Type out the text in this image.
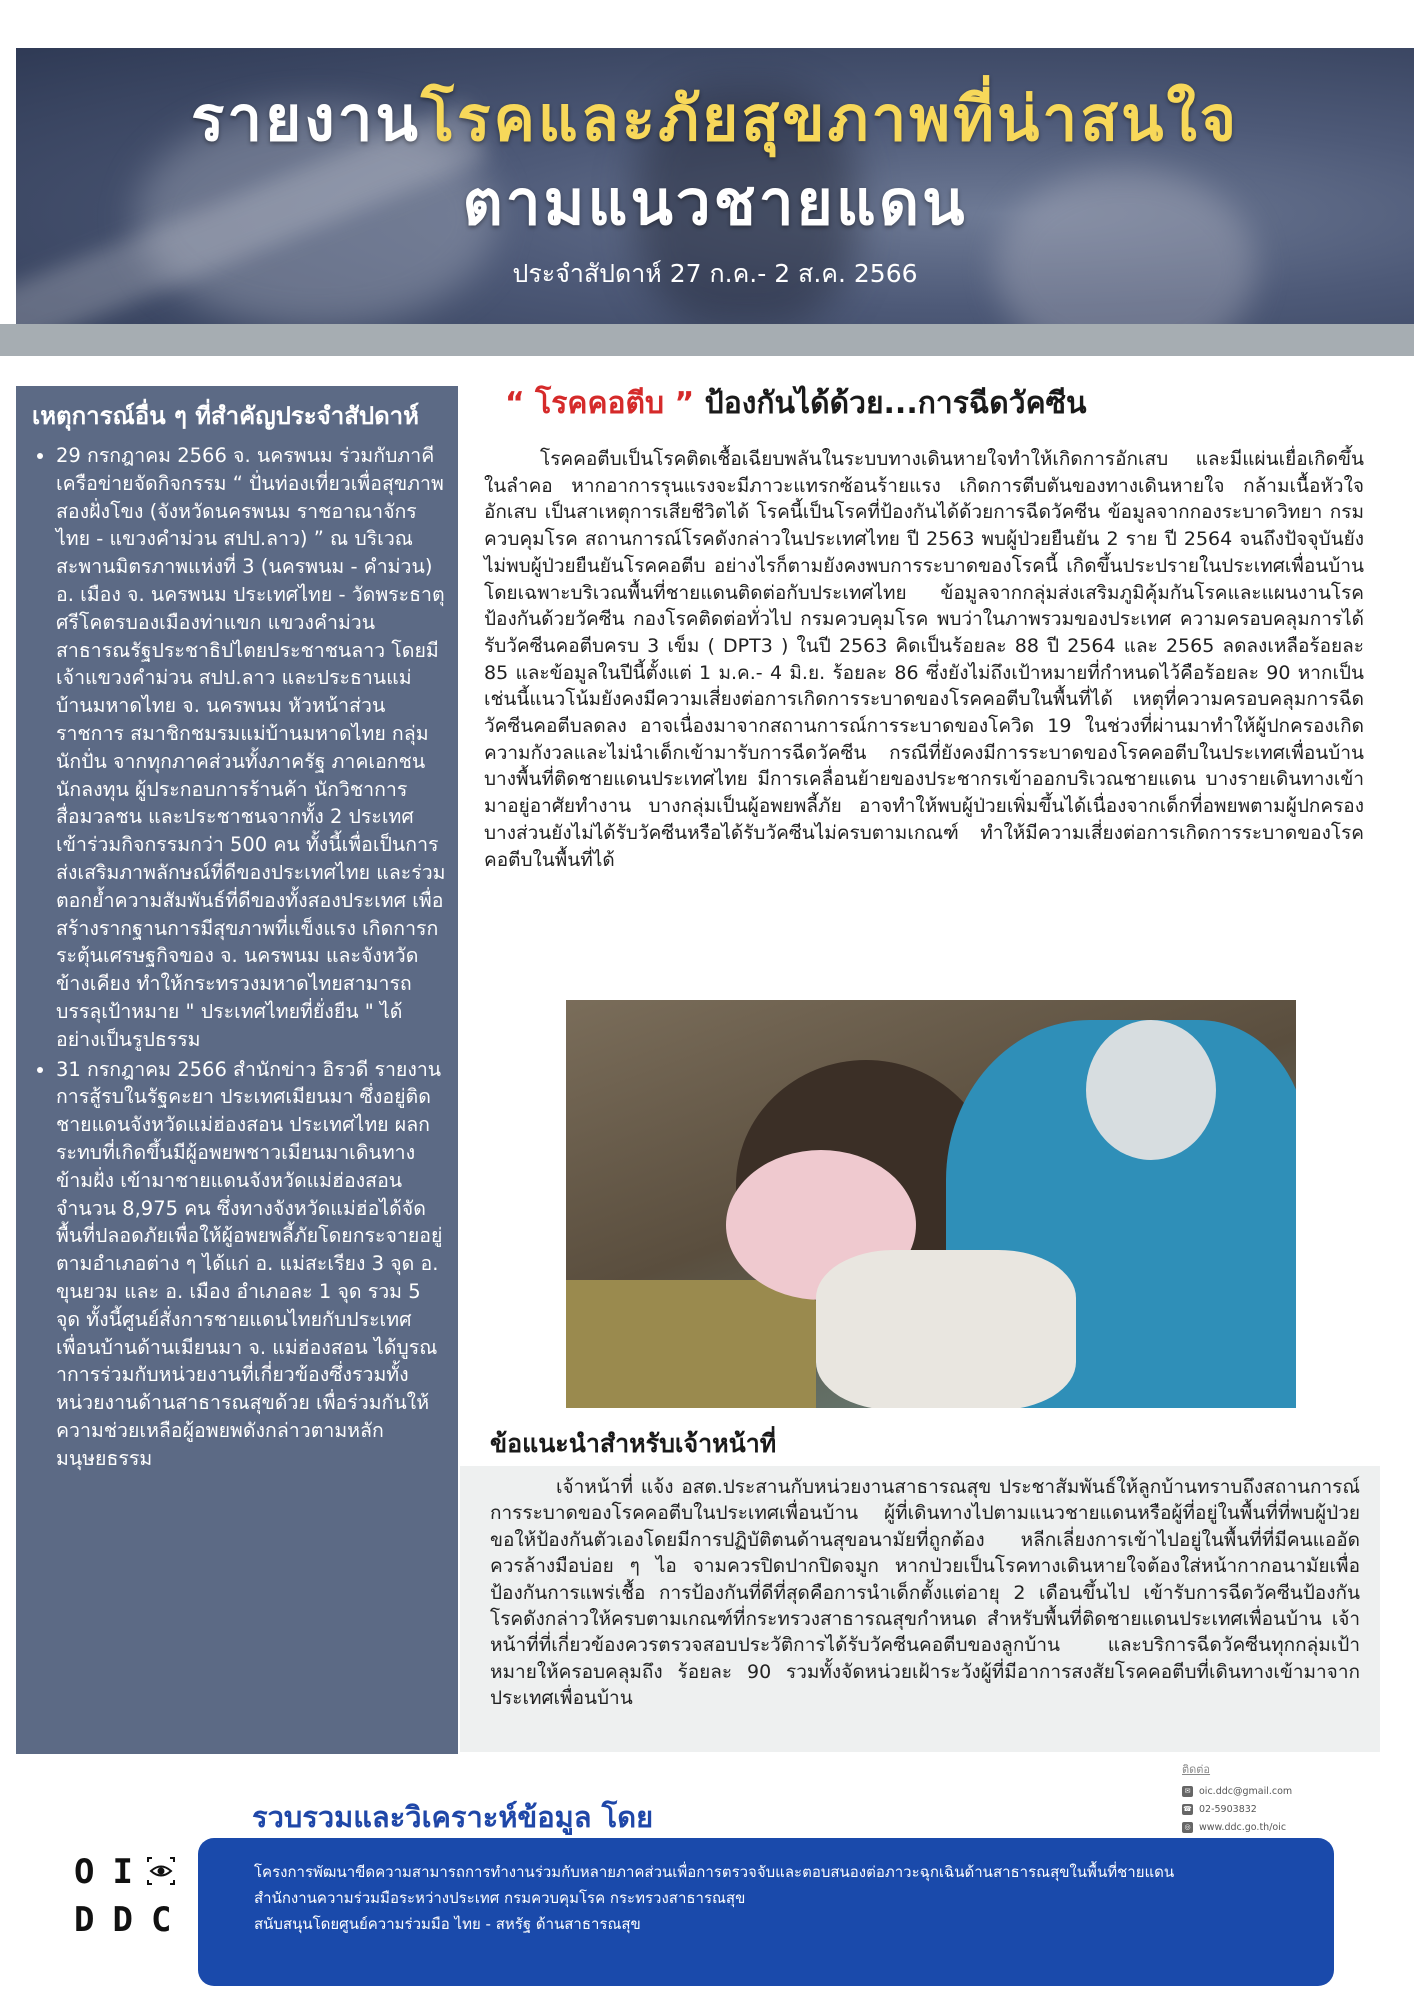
รายงานโรคและภัยสุขภาพที่น่าสนใจ
ตามแนวชายแดน
ประจำสัปดาห์ 27 ก.ค.- 2 ส.ค. 2566
เหตุการณ์อื่น ๆ ที่สำคัญประจำสัปดาห์
• 29 กรกฎาคม 2566 จ. นครพนม ร่วมกับภาคีเครือข่ายจัดกิจกรรม “ ปั่นท่องเที่ยวเพื่อสุขภาพสองฝั่งโขง (จังหวัดนครพนม ราชอาณาจักรไทย - แขวงคำม่วน สปป.ลาว) ” ณ บริเวณสะพานมิตรภาพแห่งที่ 3 (นครพนม - คำม่วน) อ. เมือง จ. นครพนม ประเทศไทย - วัดพระธาตุ ศรีโคตรบองเมืองท่าแขก แขวงคำม่วน สาธารณรัฐประชาธิปไตยประชาชนลาว โดยมีเจ้าแขวงคำม่วน สปป.ลาว และประธานแม่บ้านมหาดไทย จ. นครพนม หัวหน้าส่วนราชการ สมาชิกชมรมแม่บ้านมหาดไทย กลุ่มนักปั่น จากทุกภาคส่วนทั้งภาครัฐ ภาคเอกชน นักลงทุน ผู้ประกอบการร้านค้า นักวิชาการ สื่อมวลชน และประชาชนจากทั้ง 2 ประเทศ เข้าร่วมกิจกรรมกว่า 500 คน ทั้งนี้เพื่อเป็นการส่งเสริมภาพลักษณ์ที่ดีของประเทศไทย และร่วมตอกย้ำความสัมพันธ์ที่ดีของทั้งสองประเทศ เพื่อสร้างรากฐานการมีสุขภาพที่แข็งแรง เกิดการกระตุ้นเศรษฐกิจของ จ. นครพนม และจังหวัดข้างเคียง ทำให้กระทรวงมหาดไทยสามารถบรรลุเป้าหมาย " ประเทศไทยที่ยั่งยืน " ได้อย่างเป็นรูปธรรม
• 31 กรกฎาคม 2566 สำนักข่าว อิรวดี รายงานการสู้รบในรัฐคะยา ประเทศเมียนมา ซึ่งอยู่ติดชายแดนจังหวัดแม่ฮ่องสอน ประเทศไทย ผลกระทบที่เกิดขึ้นมีผู้อพยพชาวเมียนมาเดินทางข้ามฝั่ง เข้ามาชายแดนจังหวัดแม่ฮ่องสอน จำนวน 8,975 คน ซึ่งทางจังหวัดแม่ฮ่อได้จัดพื้นที่ปลอดภัยเพื่อให้ผู้อพยพลี้ภัยโดยกระจายอยู่ตามอำเภอต่าง ๆ ได้แก่ อ. แม่สะเรียง 3 จุด อ. ขุนยวม และ อ. เมือง อำเภอละ 1 จุด รวม 5 จุด ทั้งนี้ศูนย์สั่งการชายแดนไทยกับประเทศเพื่อนบ้านด้านเมียนมา จ. แม่ฮ่องสอน ได้บูรณาการร่วมกับหน่วยงานที่เกี่ยวข้องซึ่งรวมทั้งหน่วยงานด้านสาธารณสุขด้วย เพื่อร่วมกันให้ความช่วยเหลือผู้อพยพดังกล่าวตามหลักมนุษยธรรม
“ โรคคอตีบ ” ป้องกันได้ด้วย...การฉีดวัคซีน

โรคคอตีบเป็นโรคติดเชื้อเฉียบพลันในระบบทางเดินหายใจทำให้เกิดการอักเสบ และมีแผ่นเยื่อเกิดขึ้นในลำคอ หากอาการรุนแรงจะมีภาวะแทรกซ้อนร้ายแรง เกิดการตีบตันของทางเดินหายใจ กล้ามเนื้อหัวใจอักเสบ เป็นสาเหตุการเสียชีวิตได้ โรคนี้เป็นโรคที่ป้องกันได้ด้วยการฉีดวัคซีน ข้อมูลจากกองระบาดวิทยา กรมควบคุมโรค สถานการณ์โรคดังกล่าวในประเทศไทย ปี 2563 พบผู้ป่วยยืนยัน 2 ราย ปี 2564 จนถึงปัจจุบันยังไม่พบผู้ป่วยยืนยันโรคคอตีบ อย่างไรก็ตามยังคงพบการระบาดของโรคนี้ เกิดขึ้นประปรายในประเทศเพื่อนบ้าน โดยเฉพาะบริเวณพื้นที่ชายแดนติดต่อกับประเทศไทย ข้อมูลจากกลุ่มส่งเสริมภูมิคุ้มกันโรคและแผนงานโรคป้องกันด้วยวัคซีน กองโรคติดต่อทั่วไป กรมควบคุมโรค พบว่าในภาพรวมของประเทศ ความครอบคลุมการได้รับวัคซีนคอตีบครบ 3 เข็ม ( DPT3 ) ในปี 2563 คิดเป็นร้อยละ 88 ปี 2564 และ 2565 ลดลงเหลือร้อยละ 85 และข้อมูลในปีนี้ตั้งแต่ 1 ม.ค.- 4 มิ.ย. ร้อยละ 86 ซึ่งยังไม่ถึงเป้าหมายที่กำหนดไว้คือร้อยละ 90 หากเป็นเช่นนี้แนวโน้มยังคงมีความเสี่ยงต่อการเกิดการระบาดของโรคคอตีบในพื้นที่ได้ เหตุที่ความครอบคลุมการฉีดวัคซีนคอตีบลดลง อาจเนื่องมาจากสถานการณ์การระบาดของโควิด 19 ในช่วงที่ผ่านมาทำให้ผู้ปกครองเกิดความกังวลและไม่นำเด็กเข้ามารับการฉีดวัคซีน กรณีที่ยังคงมีการระบาดของโรคคอตีบในประเทศเพื่อนบ้านบางพื้นที่ติดชายแดนประเทศไทย มีการเคลื่อนย้ายของประชากรเข้าออกบริเวณชายแดน บางรายเดินทางเข้ามาอยู่อาศัยทำงาน บางกลุ่มเป็นผู้อพยพลี้ภัย อาจทำให้พบผู้ป่วยเพิ่มขึ้นได้เนื่องจากเด็กที่อพยพตามผู้ปกครองบางส่วนยังไม่ได้รับวัคซีนหรือได้รับวัคซีนไม่ครบตามเกณฑ์ ทำให้มีความเสี่ยงต่อการเกิดการระบาดของโรคคอตีบในพื้นที่ได้

ข้อแนะนำสำหรับเจ้าหน้าที่

เจ้าหน้าที่ แจ้ง อสต.ประสานกับหน่วยงานสาธารณสุข ประชาสัมพันธ์ให้ลูกบ้านทราบถึงสถานการณ์การระบาดของโรคคอตีบในประเทศเพื่อนบ้าน ผู้ที่เดินทางไปตามแนวชายแดนหรือผู้ที่อยู่ในพื้นที่ที่พบผู้ป่วย ขอให้ป้องกันตัวเองโดยมีการปฏิบัติตนด้านสุขอนามัยที่ถูกต้อง หลีกเลี่ยงการเข้าไปอยู่ในพื้นที่ที่มีคนแออัด ควรล้างมือบ่อย ๆ ไอ จามควรปิดปากปิดจมูก หากป่วยเป็นโรคทางเดินหายใจต้องใส่หน้ากากอนามัยเพื่อป้องกันการแพร่เชื้อ การป้องกันที่ดีที่สุดคือการนำเด็กตั้งแต่อายุ 2 เดือนขึ้นไป เข้ารับการฉีดวัคซีนป้องกันโรคดังกล่าวให้ครบตามเกณฑ์ที่กระทรวงสาธารณสุขกำหนด สำหรับพื้นที่ติดชายแดนประเทศเพื่อนบ้าน เจ้าหน้าที่ที่เกี่ยวข้องควรตรวจสอบประวัติการได้รับวัคซีนคอตีบของลูกบ้าน และบริการฉีดวัคซีนทุกกลุ่มเป้าหมายให้ครอบคลุมถึง ร้อยละ 90 รวมทั้งจัดหน่วยเฝ้าระวังผู้ที่มีอาการสงสัยโรคคอตีบที่เดินทางเข้ามาจากประเทศเพื่อนบ้าน

รวบรวมและวิเคราะห์ข้อมูล โดย
ติดต่อ
✉ oic.ddc@gmail.com
☎ 02-5903832
◎ www.ddc.go.th/oic
OI
DDC
โครงการพัฒนาขีดความสามารถการทำงานร่วมกับหลายภาคส่วนเพื่อการตรวจจับและตอบสนองต่อภาวะฉุกเฉินด้านสาธารณสุขในพื้นที่ชายแดน
สำนักงานความร่วมมือระหว่างประเทศ กรมควบคุมโรค กระทรวงสาธารณสุข
สนับสนุนโดยศูนย์ความร่วมมือ ไทย - สหรัฐ ด้านสาธารณสุข
